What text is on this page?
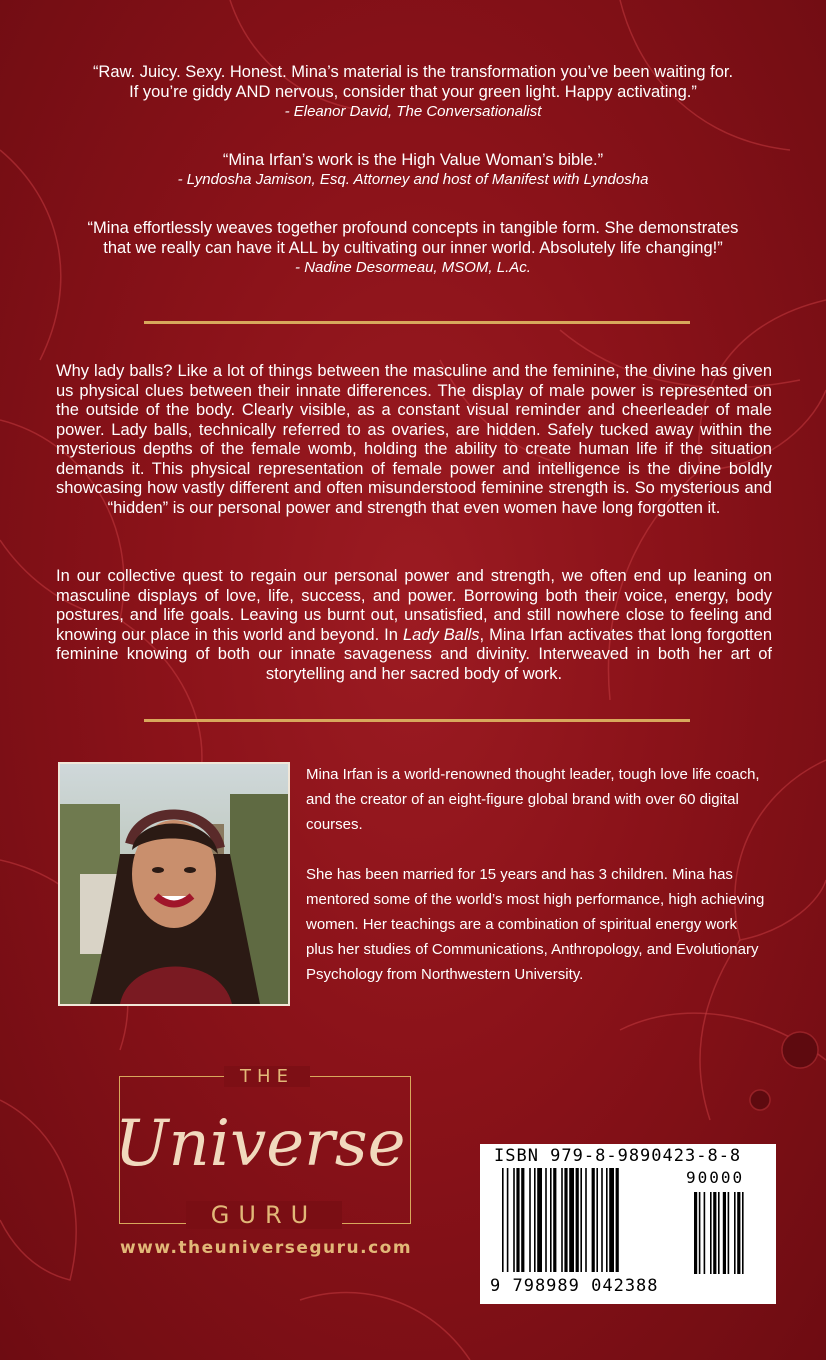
“Raw. Juicy. Sexy. Honest. Mina’s material is the transformation you’ve been waiting for.
If you’re giddy AND nervous, consider that your green light. Happy activating.”
- Eleanor David, The Conversationalist
“Mina Irfan’s work is the High Value Woman’s bible.”
- Lyndosha Jamison, Esq. Attorney and host of Manifest with Lyndosha
“Mina effortlessly weaves together profound concepts in tangible form. She demonstrates
that we really can have it ALL by cultivating our inner world. Absolutely life changing!”
- Nadine Desormeau, MSOM, L.Ac.
Why lady balls? Like a lot of things between the masculine and the feminine, the divine has given us physical clues between their innate differences. The display of male power is represented on the outside of the body. Clearly visible, as a constant visual reminder and cheerleader of male power. Lady balls, technically referred to as ovaries, are hidden. Safely tucked away within the mysterious depths of the female womb, holding the ability to create human life if the situation demands it. This physical representation of female power and intelligence is the divine boldly showcasing how vastly different and often misunderstood feminine strength is. So mysterious and “hidden” is our personal power and strength that even women have long forgotten it.
In our collective quest to regain our personal power and strength, we often end up leaning on masculine displays of love, life, success, and power. Borrowing both their voice, energy, body postures, and life goals. Leaving us burnt out, unsatisfied, and still nowhere close to feeling and knowing our place in this world and beyond. In Lady Balls, Mina Irfan activates that long forgotten feminine knowing of both our innate savageness and divinity. Interweaved in both her art of storytelling and her sacred body of work.
Mina Irfan is a world-renowned thought leader, tough love life coach, and the creator of an eight-figure global brand with over 60 digital courses.
She has been married for 15 years and has 3 children. Mina has mentored some of the world’s most high performance, high achieving women. Her teachings are a combination of spiritual energy work plus her studies of Communications, Anthropology, and Evolutionary Psychology from Northwestern University.
THE
Universe
GURU
www.theuniverseguru.com
ISBN 979-8-9890423-8-8
90000
9 798989 042388
